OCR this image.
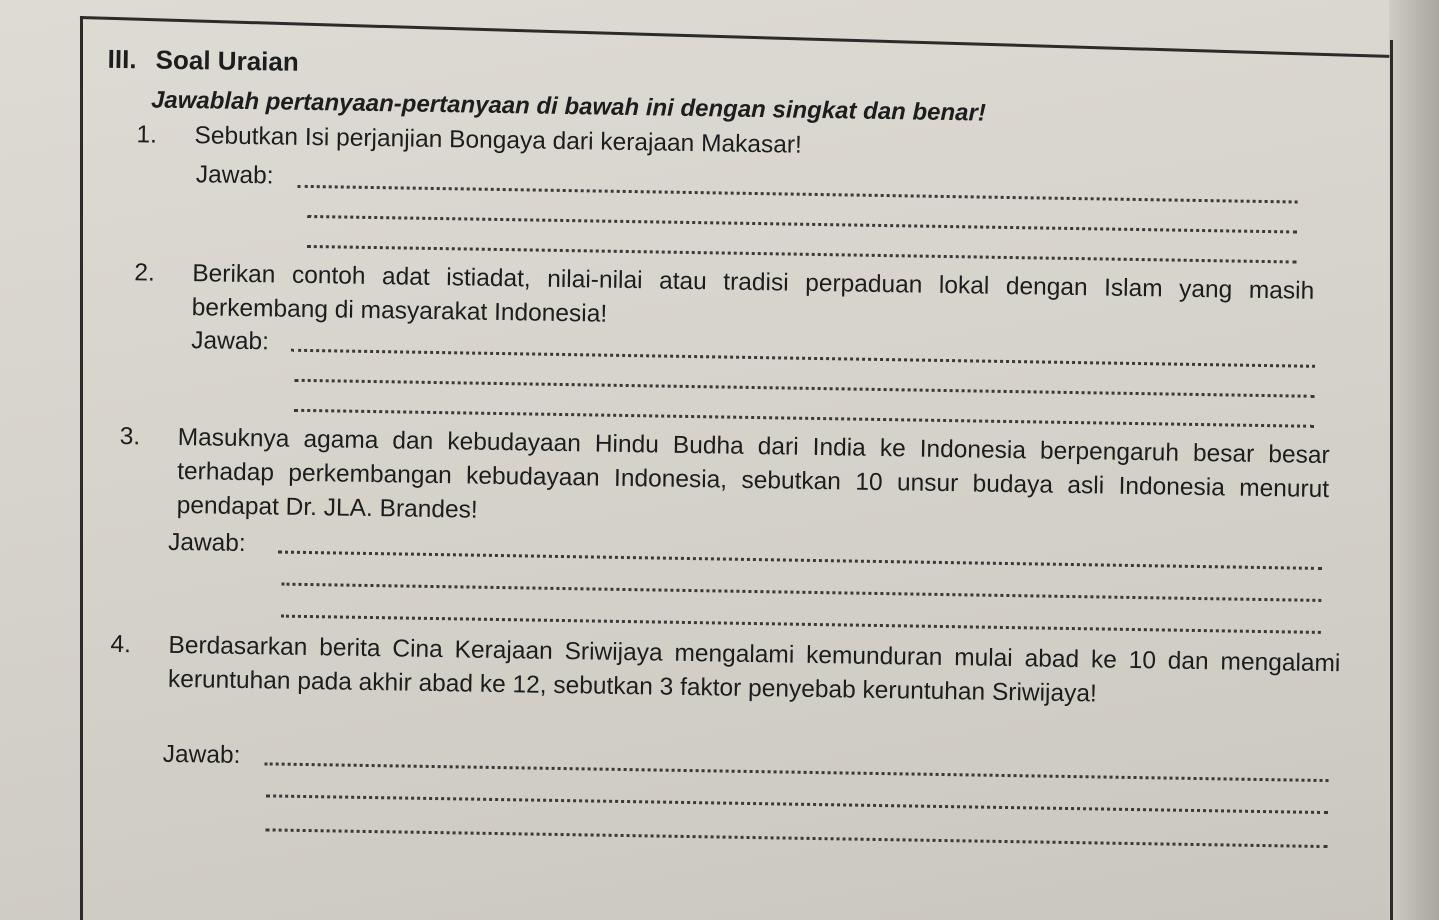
III. Soal Uraian
Jawablah pertanyaan-pertanyaan di bawah ini dengan singkat dan benar!
1. Sebutkan Isi perjanjian Bongaya dari kerajaan Makasar!
Jawab:
2. Berikan contoh adat istiadat, nilai-nilai atau tradisi perpaduan lokal dengan Islam yang masih berkembang di masyarakat Indonesia!
Jawab:
3. Masuknya agama dan kebudayaan Hindu Budha dari India ke Indonesia berpengaruh besar besar terhadap perkembangan kebudayaan Indonesia, sebutkan 10 unsur budaya asli Indonesia menurut pendapat Dr. JLA. Brandes!
Jawab:
4. Berdasarkan berita Cina Kerajaan Sriwijaya mengalami kemunduran mulai abad ke 10 dan mengalami keruntuhan pada akhir abad ke 12, sebutkan 3 faktor penyebab keruntuhan Sriwijaya!
Jawab:
